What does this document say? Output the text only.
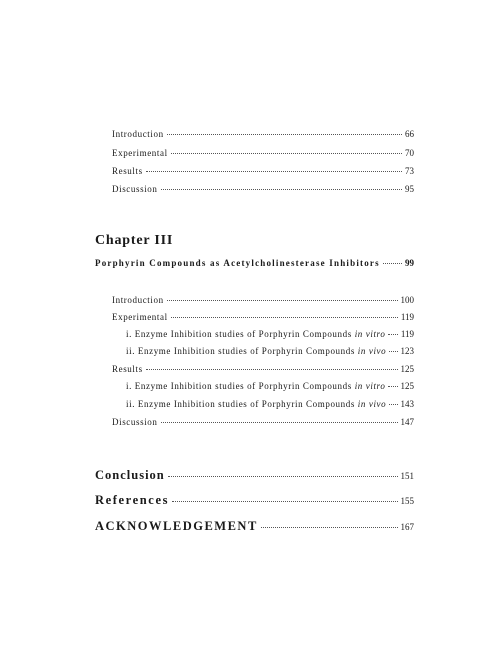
Introduction	66
Experimental	70
Results	73
Discussion	95
Chapter III
Porphyrin Compounds as Acetylcholinesterase Inhibitors	99
Introduction	100
Experimental	119
i. Enzyme Inhibition studies of Porphyrin Compounds in vitro 119
ii. Enzyme Inhibition studies of Porphyrin Compounds in vivo 123
Results	125
i. Enzyme Inhibition studies of Porphyrin Compounds in vitro 125
ii. Enzyme Inhibition studies of Porphyrin Compounds in vivo 143
Discussion	147
Conclusion	151
References	155
ACKNOWLEDGEMENT	167
